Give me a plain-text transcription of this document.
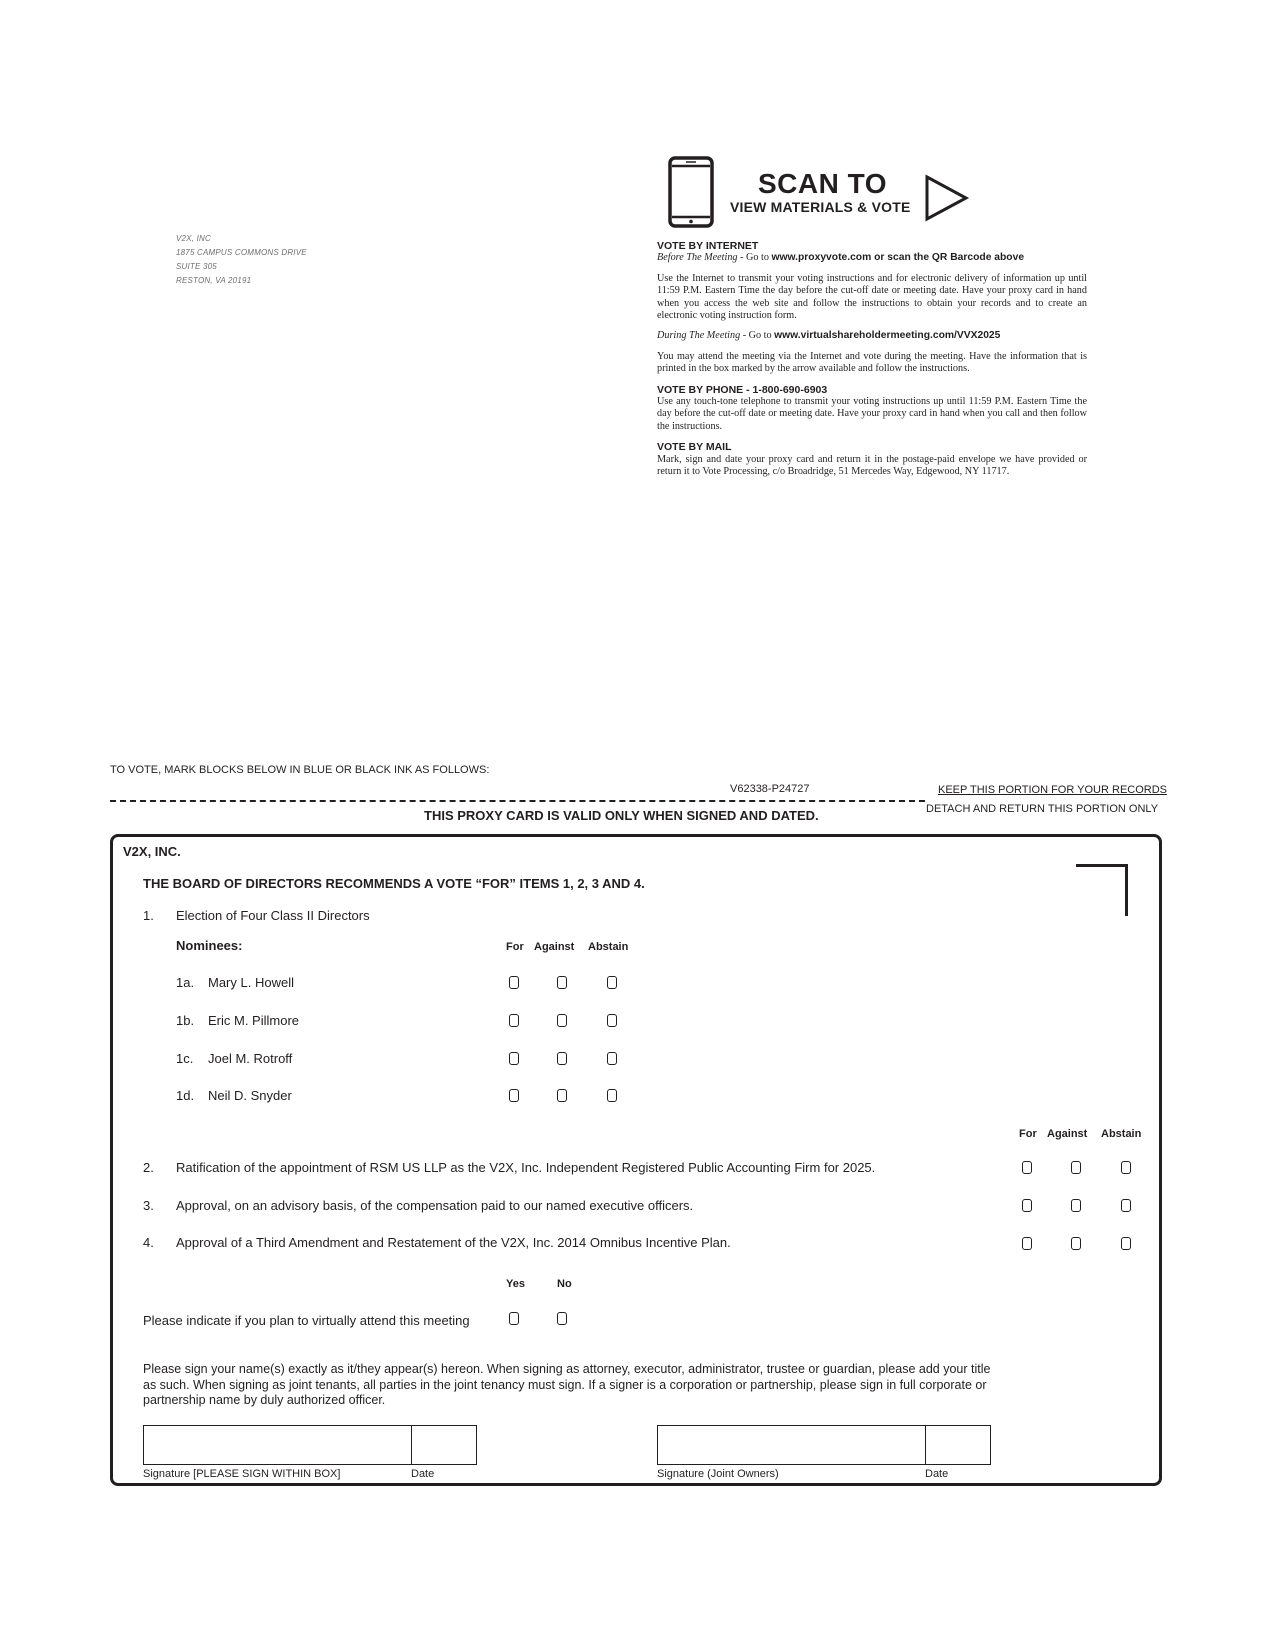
V2X, INC
1875 CAMPUS COMMONS DRIVE
SUITE 305
RESTON, VA 20191
SCAN TO
VIEW MATERIALS & VOTE
VOTE BY INTERNET

Before The Meeting - Go to www.proxyvote.com or scan the QR Barcode above

Use the Internet to transmit your voting instructions and for electronic delivery of information up until 11:59 P.M. Eastern Time the day before the cut-off date or meeting date. Have your proxy card in hand when you access the web site and follow the instructions to obtain your records and to create an electronic voting instruction form.

During The Meeting - Go to www.virtualshareholdermeeting.com/VVX2025

You may attend the meeting via the Internet and vote during the meeting. Have the information that is printed in the box marked by the arrow available and follow the instructions.

VOTE BY PHONE - 1-800-690-6903

Use any touch-tone telephone to transmit your voting instructions up until 11:59 P.M. Eastern Time the day before the cut-off date or meeting date. Have your proxy card in hand when you call and then follow the instructions.

VOTE BY MAIL

Mark, sign and date your proxy card and return it in the postage-paid envelope we have provided or return it to Vote Processing, c/o Broadridge, 51 Mercedes Way, Edgewood, NY 11717.

TO VOTE, MARK BLOCKS BELOW IN BLUE OR BLACK INK AS FOLLOWS:
V62338-P24727	KEEP THIS PORTION FOR YOUR RECORDS
DETACH AND RETURN THIS PORTION ONLY
THIS PROXY CARD IS VALID ONLY WHEN SIGNED AND DATED.
V2X, INC.
THE BOARD OF DIRECTORS RECOMMENDS A VOTE “FOR” ITEMS 1, 2, 3 AND 4.
1. Election of Four Class II Directors
Nominees:	For Against Abstain
1a. Mary L. Howell
1b. Eric M. Pillmore
1c. Joel M. Rotroff
1d. Neil D. Snyder
For Against Abstain
2. Ratification of the appointment of RSM US LLP as the V2X, Inc. Independent Registered Public Accounting Firm for 2025.
3. Approval, on an advisory basis, of the compensation paid to our named executive officers.
4. Approval of a Third Amendment and Restatement of the V2X, Inc. 2014 Omnibus Incentive Plan.
Yes	No
Please indicate if you plan to virtually attend this meeting
Please sign your name(s) exactly as it/they appear(s) hereon. When signing as attorney, executor, administrator, trustee or guardian, please add your title as such. When signing as joint tenants, all parties in the joint tenancy must sign. If a signer is a corporation or partnership, please sign in full corporate or partnership name by duly authorized officer.
Signature [PLEASE SIGN WITHIN BOX]	Date	Signature (Joint Owners)	Date
